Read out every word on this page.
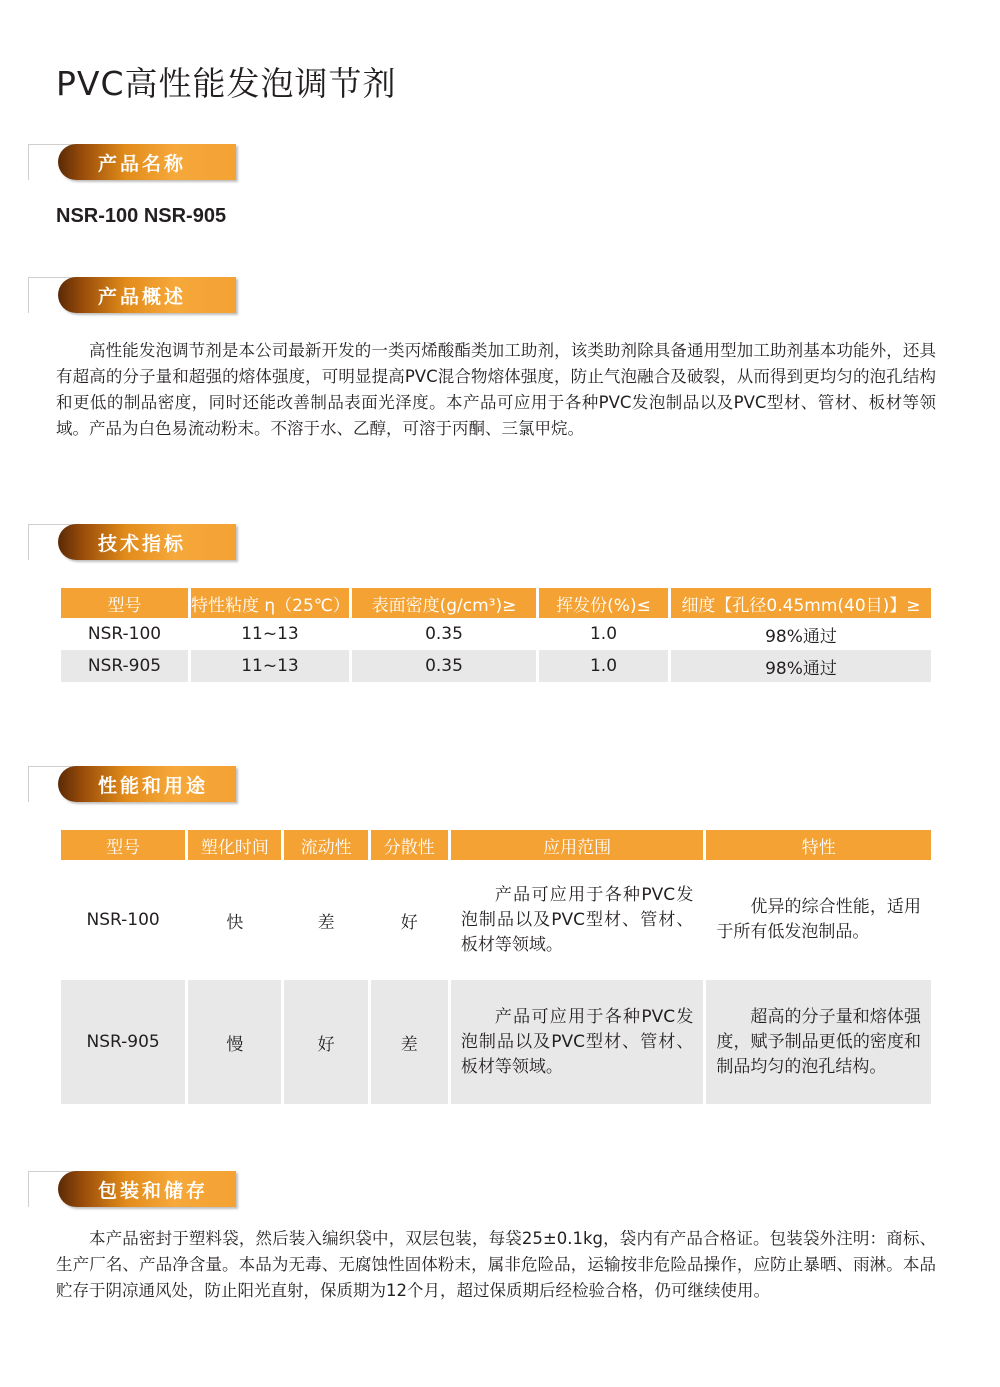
PVC高性能发泡调节剂
产品名称
NSR-100 NSR-905
产品概述

高性能发泡调节剂是本公司最新开发的一类丙烯酸酯类加工助剂，该类助剂除具备通用型加工助剂基本功能外，还具有超高的分子量和超强的熔体强度，可明显提高PVC混合物熔体强度，防止气泡融合及破裂，从而得到更均匀的泡孔结构和更低的制品密度，同时还能改善制品表面光泽度。本产品可应用于各种PVC发泡制品以及PVC型材、管材、板材等领域。产品为白色易流动粉末。不溶于水、乙醇，可溶于丙酮、三氯甲烷。

技术指标
型号	特性粘度 η（25℃）	表面密度(g/cm³)≥	挥发份(%)≤	细度【孔径0.45mm(40目)】≥
NSR-100	11~13	0.35	1.0	98%通过
NSR-905	11~13	0.35	1.0	98%通过
性能和用途
型号	塑化时间	流动性	分散性	应用范围	特性
NSR-100	快	差	好	产品可应用于各种PVC发泡制品以及PVC型材、管材、板材等领域。	优异的综合性能，适用于所有低发泡制品。

NSR-905	慢	好	差	产品可应用于各种PVC发泡制品以及PVC型材、管材、板材等领域。	超高的分子量和熔体强度，赋予制品更低的密度和制品均匀的泡孔结构。
包装和储存

本产品密封于塑料袋，然后装入编织袋中，双层包装，每袋25±0.1kg，袋内有产品合格证。包装袋外注明：商标、生产厂名、产品净含量。本品为无毒、无腐蚀性固体粉末，属非危险品，运输按非危险品操作，应防止暴晒、雨淋。本品贮存于阴凉通风处，防止阳光直射，保质期为12个月，超过保质期后经检验合格，仍可继续使用。
